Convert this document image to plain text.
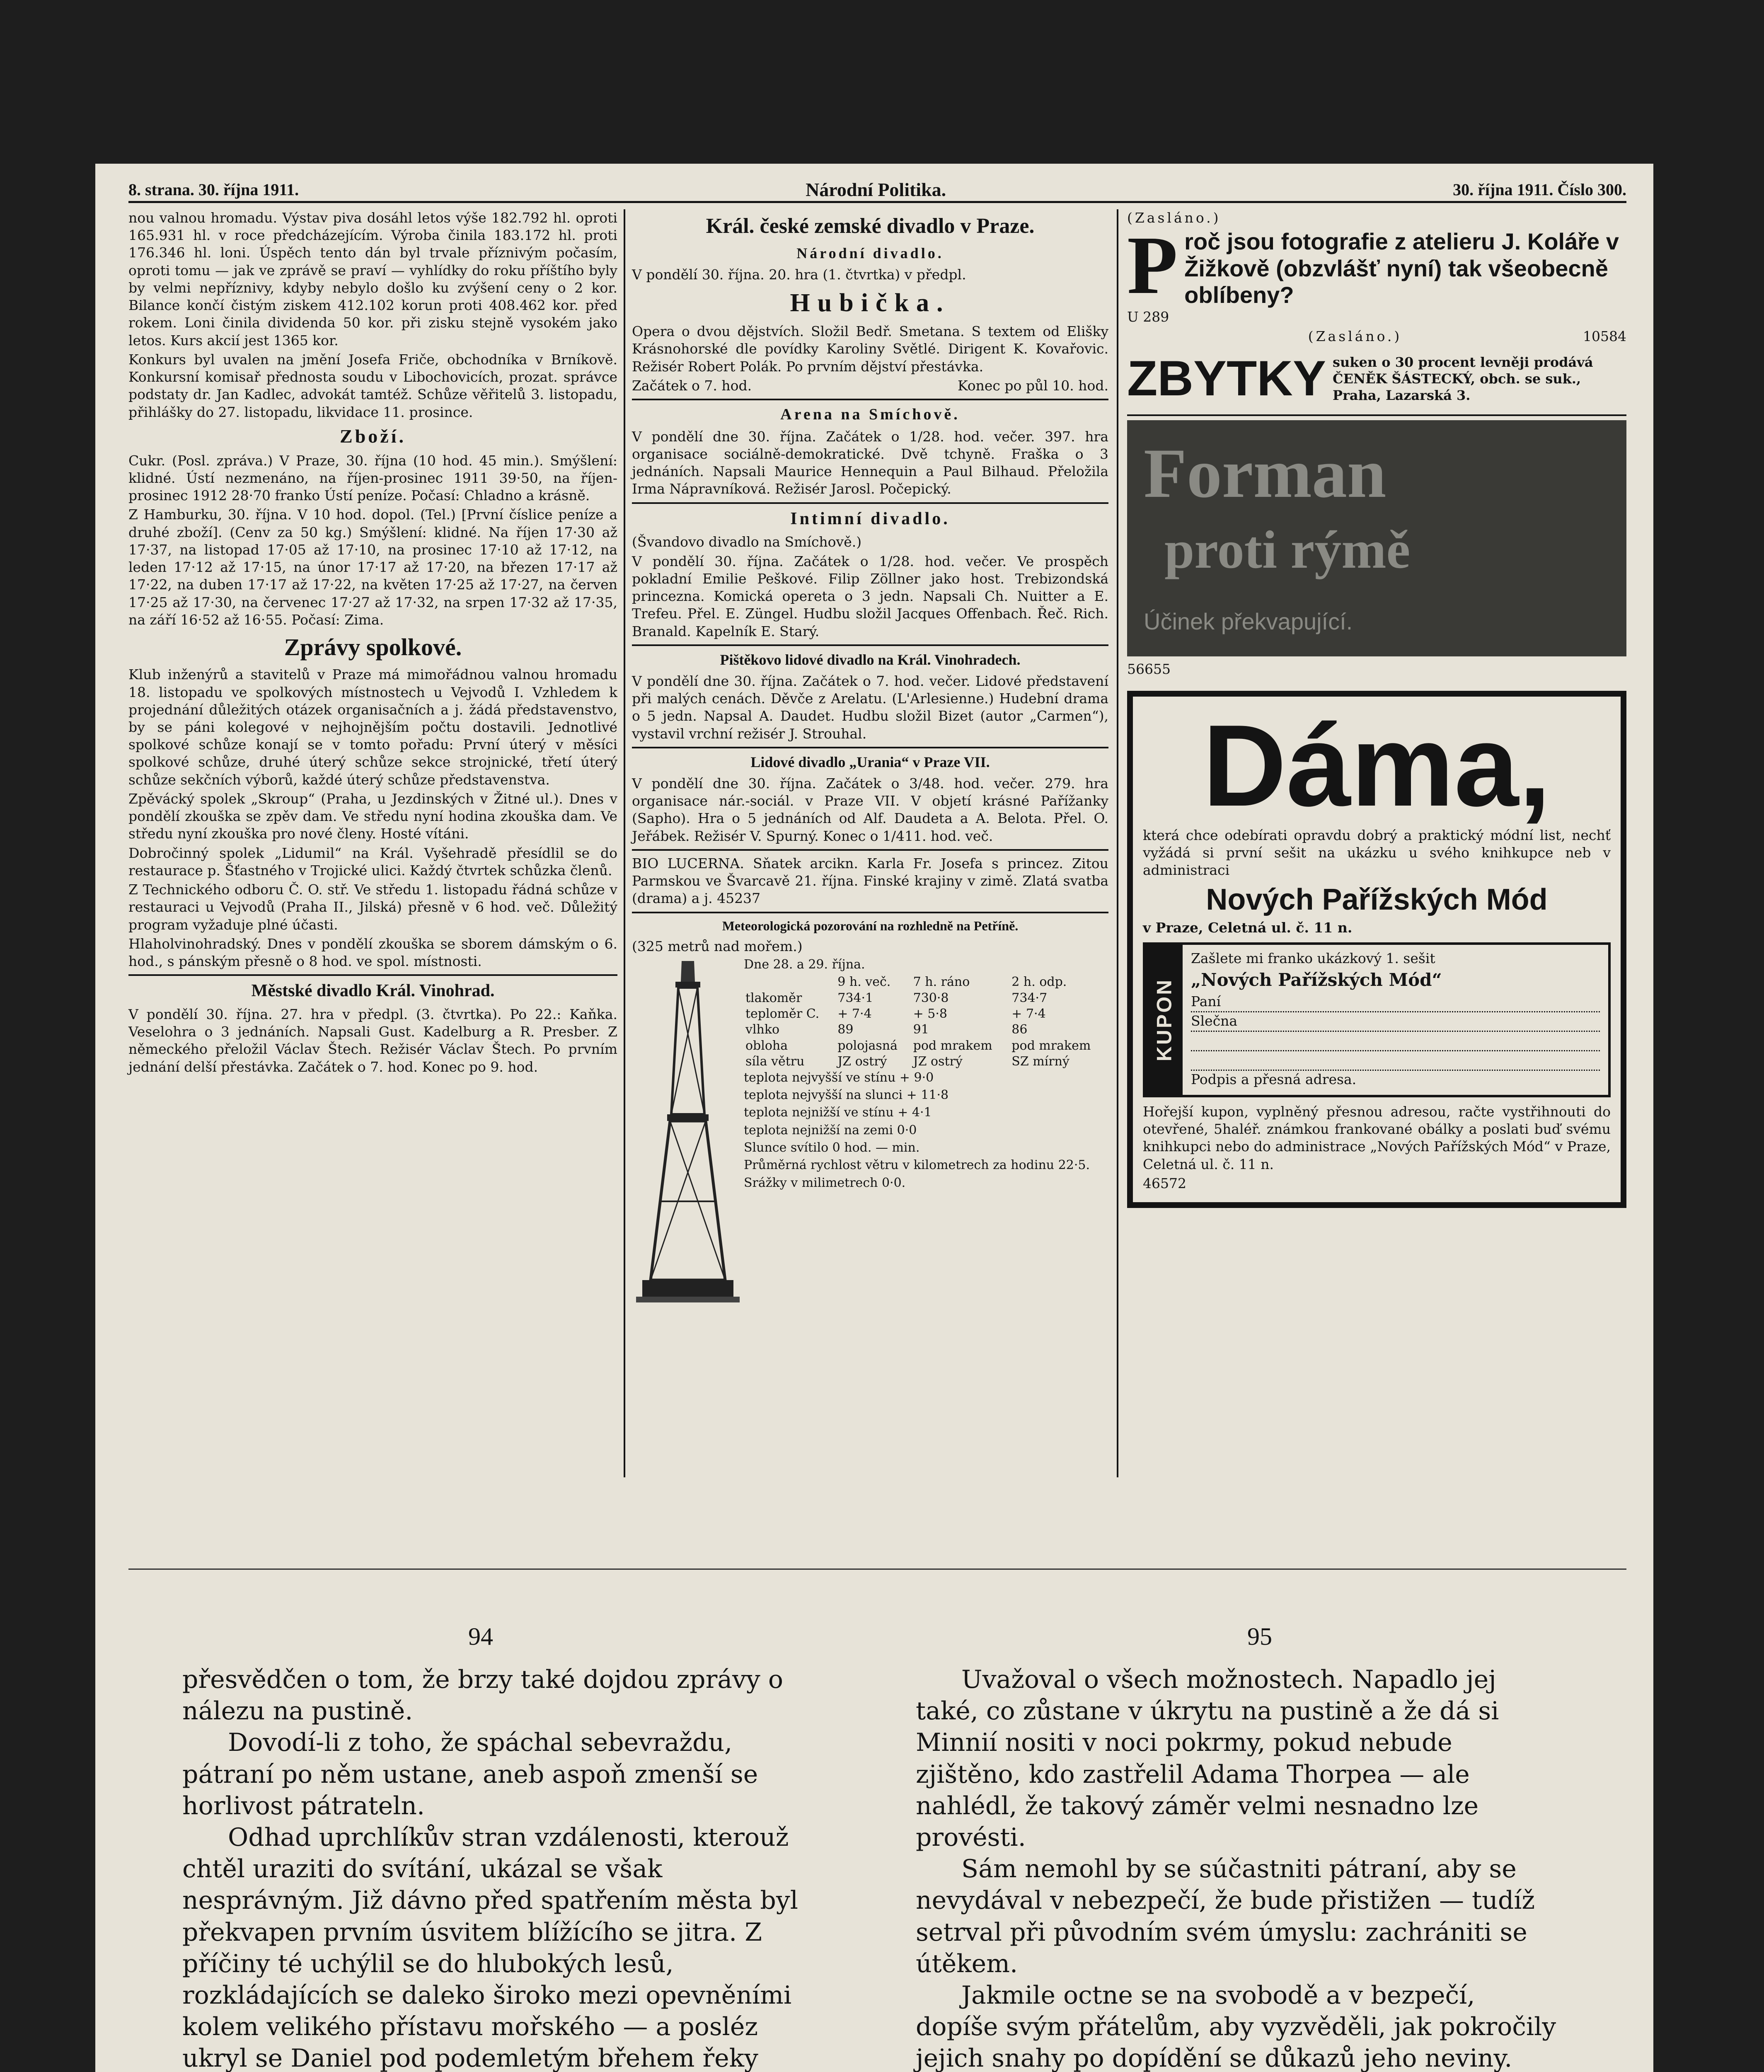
8. strana. 30. října 1911.	Národní Politika.	30. října 1911. Číslo 300.

nou valnou hromadu. Výstav piva dosáhl letos výše 182.792 hl. oproti 165.931 hl. v roce předcházejícím. Výroba činila 183.172 hl. proti 176.346 hl. loni. Úspěch tento dán byl trvale příznivým počasím, oproti tomu — jak ve zprávě se praví — vyhlídky do roku příštího byly by velmi nepříznivy, kdyby nebylo došlo ku zvýšení ceny o 2 kor. Bilance končí čistým ziskem 412.102 korun proti 408.462 kor. před rokem. Loni činila dividenda 50 kor. při zisku stejně vysokém jako letos. Kurs akcií jest 1365 kor.

Konkurs byl uvalen na jmění Josefa Friče, obchodníka v Brníkově. Konkursní komisař přednosta soudu v Libochovicích, prozat. správce podstaty dr. Jan Kadlec, advokát tamtéž. Schůze věřitelů 3. listopadu, přihlášky do 27. listopadu, likvidace 11. prosince.

Zboží.

Cukr. (Posl. zpráva.) V Praze, 30. října (10 hod. 45 min.). Smýšlení: klidné. Ústí nezmenáno, na říjen-prosinec 1911 39·50, na říjen-prosinec 1912 28·70 franko Ústí peníze. Počasí: Chladno a krásně.

Z Hamburku, 30. října. V 10 hod. dopol. (Tel.) [První číslice peníze a druhé zboží]. (Cenv za 50 kg.) Smýšlení: klidné. Na říjen 17·30 až 17·37, na listopad 17·05 až 17·10, na prosinec 17·10 až 17·12, na leden 17·12 až 17·15, na únor 17·17 až 17·20, na březen 17·17 až 17·22, na duben 17·17 až 17·22, na květen 17·25 až 17·27, na červen 17·25 až 17·30, na červenec 17·27 až 17·32, na srpen 17·32 až 17·35, na září 16·52 až 16·55. Počasí: Zima.

Zprávy spolkové.

Klub inženýrů a stavitelů v Praze má mimořádnou valnou hromadu 18. listopadu ve spolkových místnostech u Vejvodů I. Vzhledem k projednání důležitých otázek organisačních a j. žádá představenstvo, by se páni kolegové v nejhojnějším počtu dostavili. Jednotlivé spolkové schůze konají se v tomto pořadu: První úterý v měsíci spolkové schůze, druhé úterý schůze sekce strojnické, třetí úterý schůze sekčních výborů, každé úterý schůze představenstva.

Zpěvácký spolek „Skroup“ (Praha, u Jezdinských v Žitné ul.). Dnes v pondělí zkouška se zpěv dam. Ve středu nyní hodina zkouška dam. Ve středu nyní zkouška pro nové členy. Hosté vítáni.

Dobročinný spolek „Lidumil“ na Král. Vyšehradě přesídlil se do restaurace p. Šťastného v Trojické ulici. Každý čtvrtek schůzka členů.

Z Technického odboru Č. O. stř. Ve středu 1. listopadu řádná schůze v restauraci u Vejvodů (Praha II., Jilská) přesně v 6 hod. več. Důležitý program vyžaduje plné účasti.

Hlaholvinohradský. Dnes v pondělí zkouška se sborem dámským o 6. hod., s pánským přesně o 8 hod. ve spol. místnosti.

Městské divadlo Král. Vinohrad.

V pondělí 30. října. 27. hra v předpl. (3. čtvrtka). Po 22.: Kaňka. Veselohra o 3 jednáních. Napsali Gust. Kadelburg a R. Presber. Z německého přeložil Václav Štech. Režisér Václav Štech. Po prvním jednání delší přestávka. Začátek o 7. hod. Konec po 9. hod.

Král. české zemské divadlo v Praze.
Národní divadlo.

V pondělí 30. října. 20. hra (1. čtvrtka) v předpl.

Hubička.

Opera o dvou dějstvích. Složil Bedř. Smetana. S textem od Elišky Krásnohorské dle povídky Karoliny Světlé. Dirigent K. Kovařovic. Režisér Robert Polák. Po prvním dějství přestávka.

Začátek o 7. hod.	Konec po půl 10. hod.

Arena na Smíchově.

V pondělí dne 30. října. Začátek o 1/28. hod. večer. 397. hra organisace sociálně-demokratické. Dvě tchyně. Fraška o 3 jednáních. Napsali Maurice Hennequin a Paul Bilhaud. Přeložila Irma Nápravníková. Režisér Jarosl. Počepický.

Intimní divadlo.

(Švandovo divadlo na Smíchově.)

V pondělí 30. října. Začátek o 1/28. hod. večer. Ve prospěch pokladní Emilie Peškové. Filip Zöllner jako host. Trebizondská princezna. Komická opereta o 3 jedn. Napsali Ch. Nuitter a E. Trefeu. Přel. E. Züngel. Hudbu složil Jacques Offenbach. Řeč. Rich. Branald. Kapelník E. Starý.

Pištěkovo lidové divadlo na Král. Vinohradech.

V pondělí dne 30. října. Začátek o 7. hod. večer. Lidové představení při malých cenách. Děvče z Arelatu. (L'Arlesienne.) Hudební drama o 5 jedn. Napsal A. Daudet. Hudbu složil Bizet (autor „Carmen“), vystavil vrchní režisér J. Strouhal.

Lidové divadlo „Urania“ v Praze VII.

V pondělí dne 30. října. Začátek o 3/48. hod. večer. 279. hra organisace nár.-sociál. v Praze VII. V objetí krásné Pařížanky (Sapho). Hra o 5 jednáních od Alf. Daudeta a A. Belota. Přel. O. Jeřábek. Režisér V. Spurný. Konec o 1/411. hod. več.

BIO LUCERNA. Sňatek arcikn. Karla Fr. Josefa s princez. Zitou Parmskou ve Švarcavě 21. října. Finské krajiny v zimě. Zlatá svatba (drama) a j. 45237

Meteorologická pozorování na rozhledně na Petříně.

(325 metrů nad mořem.)

Dne 28. a 29. října.

	9 h. več.	7 h. ráno	2 h. odp.
tlakoměr	734·1	730·8	734·7
teploměr C.	+ 7·4	+ 5·8	+ 7·4
vlhko	89	91	86
obloha	polojasná	pod mrakem	pod mrakem
síla větru	JZ ostrý	JZ ostrý	SZ mírný

teplota nejvyšší ve stínu + 9·0

teplota nejvyšší na slunci + 11·8

teplota nejnižší ve stínu + 4·1

teplota nejnižší na zemi 0·0

Slunce svítilo 0 hod. — min.

Průměrná rychlost větru v kilometrech za hodinu 22·5.

Srážky v milimetrech 0·0.

(Zasláno.)

P roč jsou fotografie z atelieru J. Koláře v Žižkově (obzvlášť nyní) tak všeobecně oblíbeny?

U 289

(Zasláno.)	10584

ZBYTKY suken o 30 procent levněji prodává ČENĚK ŠÁSTECKÝ, obch. se suk., Praha, Lazarská 3.
Forman
proti rýmě
Účinek překvapující.

56655

Dáma,

která chce odebírati opravdu dobrý a praktický módní list, nechť vyžádá si první sešit na ukázku u svého knihkupce neb v administraci

Nových Pařížských Mód

v Praze, Celetná ul. č. 11 n.

KUPON

Zašlete mi franko ukázkový 1. sešit

„Nových Pařížských Mód“

Paní
Slečna

Podpis a přesná adresa.

Hořejší kupon, vyplněný přesnou adresou, račte vystřihnouti do otevřené, 5haléř. známkou frankované obálky a poslati buď svému knihkupci nebo do administrace „Nových Pařížských Mód“ v Praze, Celetná ul. č. 11 n.

46572

94	95

přesvědčen o tom, že brzy také dojdou zprávy o nálezu na pustině.

Dovodí-li z toho, že spáchal sebevraždu, pátraní po něm ustane, aneb aspoň zmenší se horlivost pátrateln.

Odhad uprchlíkův stran vzdálenosti, kterouž chtěl uraziti do svítání, ukázal se však nesprávným. Již dávno před spatřením města byl překvapen prvním úsvitem blížícího se jitra. Z příčiny té uchýlil se do hlubokých lesů, rozkládajících se daleko široko mezi opevněními kolem velikého přístavu mořského — a posléz ukryl se Daniel pod podemletým břehem řeky

Uvažoval o všech možnostech. Napadlo jej také, co zůstane v úkrytu na pustině a že dá si Minnií nositi v noci pokrmy, pokud nebude zjištěno, kdo zastřelil Adama Thorpea — ale nahlédl, že takový záměr velmi nesnadno lze provésti.

Sám nemohl by se súčastniti pátraní, aby se nevydával v nebezpečí, že bude přistižen — tudíž setrval při původním svém úmyslu: zachrániti se útěkem.

Jakmile octne se na svobodě a v bezpečí, dopíše svým přátelům, aby vyzvěděli, jak pokročily jejich snahy po dopídění se důkazů jeho neviny.
